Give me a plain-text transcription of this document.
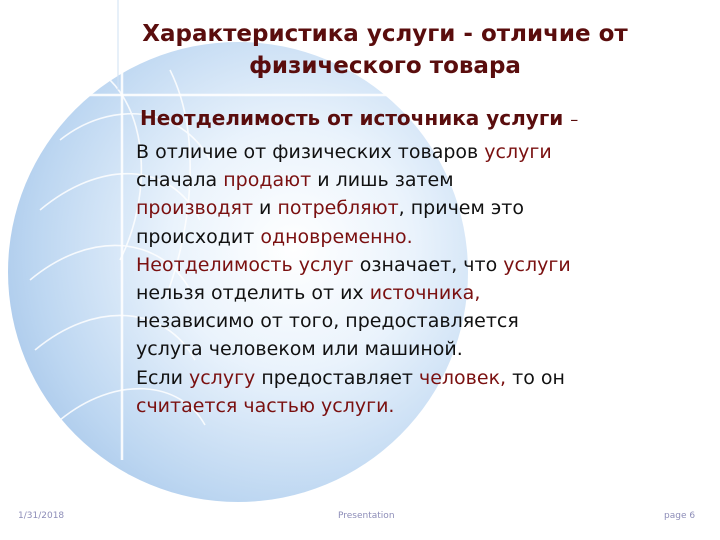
Характеристика услуги - отличие от
физического товара
Неотделимость от источника услуги –
В отличие от физических товаров услуги
сначала продают и лишь затем
производят и потребляют, причем это
происходит одновременно.
Неотделимость услуг означает, что услуги
нельзя отделить от их источника,
независимо от того, предоставляется
услуга человеком или машиной.
Если услугу предоставляет человек, то он
считается частью услуги.
1/31/2018	Presentation	page 6
